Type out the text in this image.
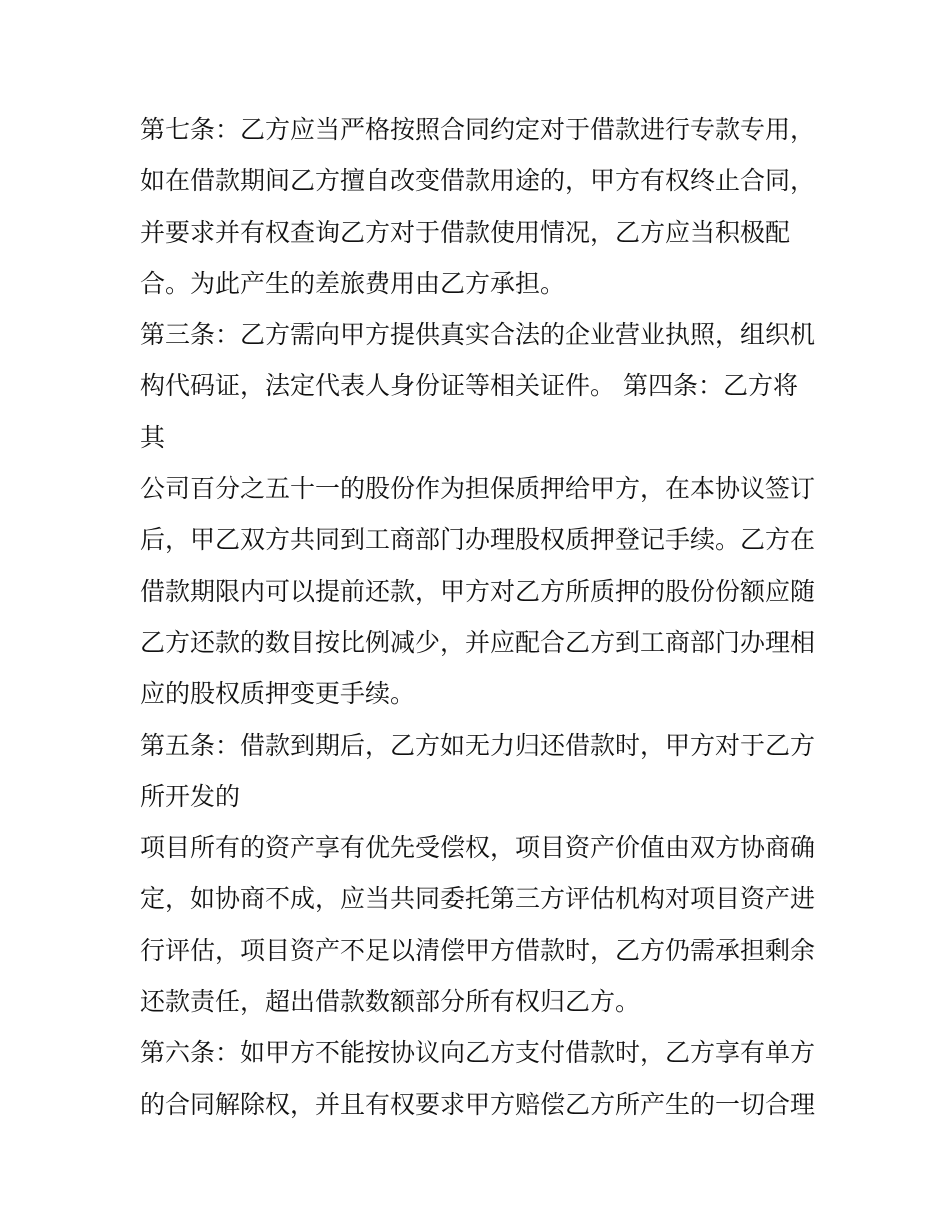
第七条：乙方应当严格按照合同约定对于借款进行专款专用，
如在借款期间乙方擅自改变借款用途的，甲方有权终止合同，
并要求并有权查询乙方对于借款使用情况，乙方应当积极配
合。为此产生的差旅费用由乙方承担。
第三条：乙方需向甲方提供真实合法的企业营业执照，组织机
构代码证，法定代表人身份证等相关证件。 第四条：乙方将
其
公司百分之五十一的股份作为担保质押给甲方，在本协议签订
后，甲乙双方共同到工商部门办理股权质押登记手续。乙方在
借款期限内可以提前还款，甲方对乙方所质押的股份份额应随
乙方还款的数目按比例减少，并应配合乙方到工商部门办理相
应的股权质押变更手续。
第五条：借款到期后，乙方如无力归还借款时，甲方对于乙方
所开发的
项目所有的资产享有优先受偿权，项目资产价值由双方协商确
定，如协商不成，应当共同委托第三方评估机构对项目资产进
行评估，项目资产不足以清偿甲方借款时，乙方仍需承担剩余
还款责任，超出借款数额部分所有权归乙方。
第六条：如甲方不能按协议向乙方支付借款时，乙方享有单方
的合同解除权，并且有权要求甲方赔偿乙方所产生的一切合理
